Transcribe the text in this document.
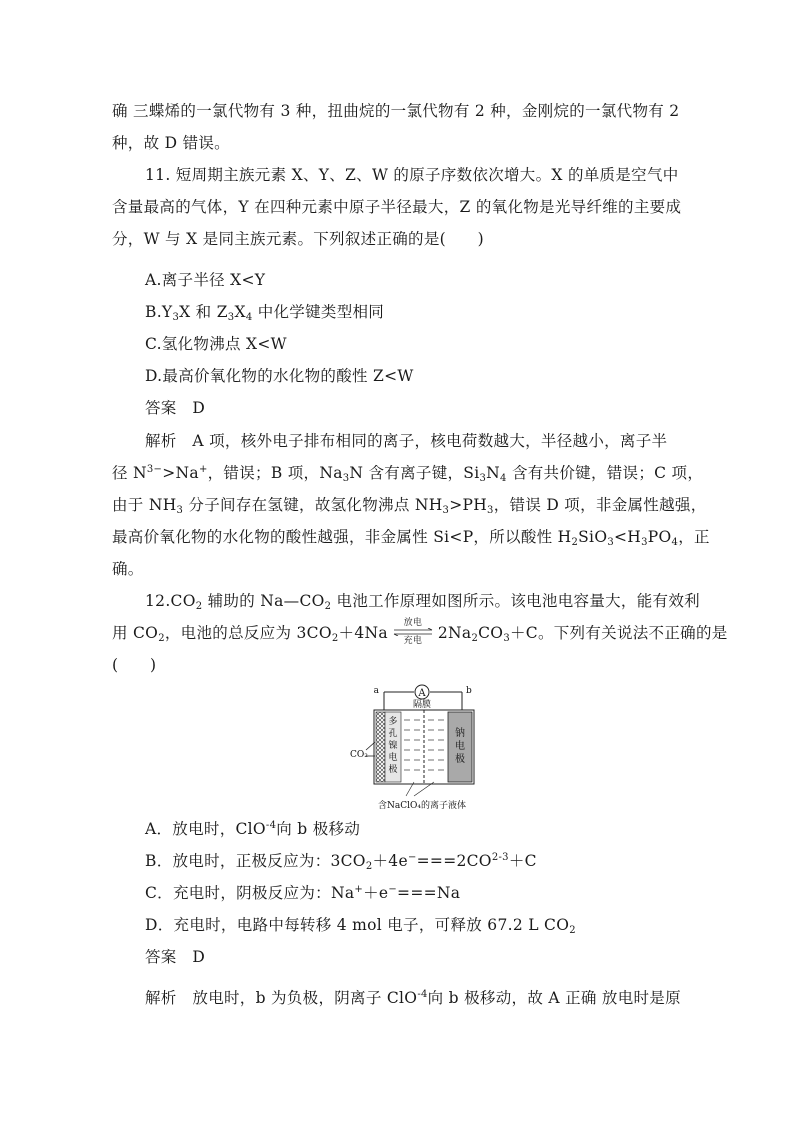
确 三蝶烯的一氯代物有 3 种，扭曲烷的一氯代物有 2 种，金刚烷的一氯代物有 2
种，故 D 错误。
11. 短周期主族元素 X、Y、Z、W 的原子序数依次增大。X 的单质是空气中
含量最高的气体，Y 在四种元素中原子半径最大，Z 的氧化物是光导纤维的主要成
分，W 与 X 是同主族元素。下列叙述正确的是(　　)
A.离子半径 X<Y
$B.Y_3X$ 和 $Z_3X_4$ 中化学键类型相同
C.氢化物沸点 X<W
D.最高价氧化物的水化物的酸性 Z<W
答案　D
解析　A 项，核外电子排布相同的离子，核电荷数越大，半径越小，离子半
径 $N^{3-}>Na^+$，错误；B 项，$Na_3N$ 含有离子键，$Si_3N_4$ 含有共价键，错误；C 项，
由于 $NH_3$ 分子间存在氢键，故氢化物沸点 $NH_3>PH_3$，错误 D 项，非金属性越强，
最高价氧化物的水化物的酸性越强，非金属性 Si<P，所以酸性 $H_2SiO_3<H_3PO_4$，正
确。
$12.CO_2$ 辅助的 $Na—CO_2$ 电池工作原理如图所示。该电池电容量大，能有效利
用 $CO_2$，电池的总反应为 $3CO_2+4Na$
放电
充电	$2Na_2CO_3+C$。下列有关说法不正确的是
(　　)
A
a	b
隔膜
CO₂
含NaClO₄的离子液体
多
孔
镍
电
极
钠
电
极
A．放电时，ClO$^{-4}$向 b 极移动
B．放电时，正极反应为：$3CO_2+4e^-===2CO^{2-3}+C$
C．充电时，阴极反应为：Na+＋e−===Na
D．充电时，电路中每转移 4 mol 电子，可释放 67.2 L $CO_2$
答案　D
解析　放电时，b 为负极，阴离子 ClO$^{-4}$向 b 极移动，故 A 正确 放电时是原
